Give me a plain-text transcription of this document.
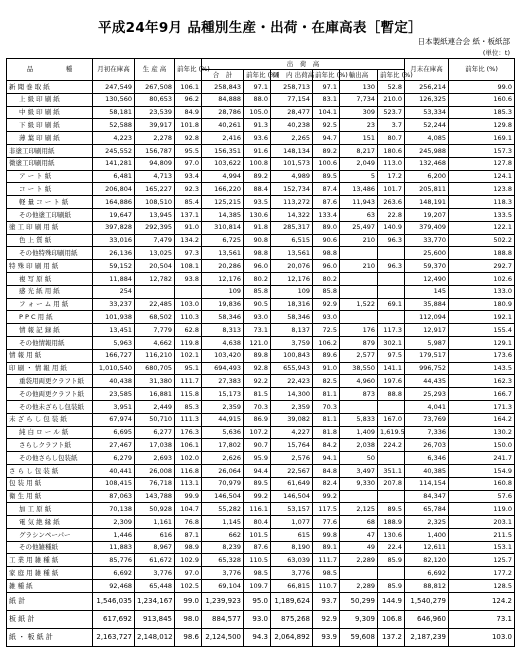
平成24年9月 品種別生産・出荷・在庫高表［暫定］
日本製紙連合会 紙・板紙部
(単位：t)
品　　　　　種	月初在庫高	生 産 高	前年比 (%)	出　荷　高						月末在庫高	前年比 (%)
				合　計	前年比 (%)	国　内 出荷高	前年比 (%)	輸出高	前年比 (%)		
新 聞 巻 取 紙	247,549	267,508	106.1	258,843	97.1	258,713	97.1	130	52.8	256,214	99.0
上 級 印 刷 紙	130,560	80,653	96.2	84,888	88.0	77,154	83.1	7,734	210.0	126,325	160.6
中 級 印 刷 紙	58,181	23,539	84.9	28,786	105.0	28,477	104.1	309	523.7	53,334	185.3
下 級 印 刷 紙	52,588	39,917	101.8	40,261	91.3	40,238	92.5	23	3.7	52,244	129.8
薄 葉 印 刷 紙	4,223	2,278	92.8	2,416	93.6	2,265	94.7	151	80.7	4,085	169.1
非塗工印刷用紙	245,552	156,787	95.5	156,351	91.6	148,134	89.2	8,217	180.6	245,988	157.3
微塗工印刷用紙	141,281	94,809	97.0	103,622	100.8	101,573	100.6	2,049	113.0	132,468	127.8
ア ー ト 紙	6,481	4,713	93.4	4,994	89.2	4,989	89.5	5	17.2	6,200	124.1
コ ー ト 紙	206,804	165,227	92.3	166,220	88.4	152,734	87.4	13,486	101.7	205,811	123.8
軽 量 コ ー ト 紙	164,886	108,510	85.4	125,215	93.5	113,272	87.6	11,943	263.6	148,191	118.3
その他塗工印刷紙	19,647	13,945	137.1	14,385	130.6	14,322	133.4	63	22.8	19,207	133.5
塗 工 印 刷 用 紙	397,828	292,395	91.0	310,814	91.8	285,317	89.0	25,497	140.9	379,409	122.1
色 上 質 紙	33,016	7,479	134.2	6,725	90.8	6,515	90.6	210	96.3	33,770	502.2
その他特殊印刷用紙	26,136	13,025	97.3	13,561	98.8	13,561	98.8			25,600	188.8
特 殊 印 刷 用 紙	59,152	20,504	108.1	20,286	96.0	20,076	96.0	210	96.3	59,370	292.7
複 写 原 紙	11,884	12,782	93.8	12,176	80.2	12,176	80.2			12,490	102.6
感 光 紙 用 紙	254			109	85.8	109	85.8			145	133.0
フ ォ ー ム 用 紙	33,237	22,485	103.0	19,836	90.5	18,316	92.9	1,522	69.1	35,884	180.9
P P C 用 紙	101,938	68,502	110.3	58,346	93.0	58,346	93.0			112,094	192.1
情 報 記 録 紙	13,451	7,779	62.8	8,313	73.1	8,137	72.5	176	117.3	12,917	155.4
その他情報用紙	5,963	4,662	119.8	4,638	121.0	3,759	106.2	879	302.1	5,987	129.1
情 報 用 紙	166,727	116,210	102.1	103,420	89.8	100,843	89.6	2,577	97.5	179,517	173.6
印 刷 ・ 情 報 用 紙	1,010,540	680,705	95.1	694,493	92.8	655,943	91.0	38,550	141.1	996,752	143.5
重袋用両更クラフト紙	40,438	31,380	111.7	27,383	92.2	22,423	82.5	4,960	197.6	44,435	162.3
その他両更クラフト紙	23,585	16,881	115.8	15,173	81.5	14,300	81.1	873	88.8	25,293	166.7
その他未ざらし包装紙	3,951	2,449	85.3	2,359	70.3	2,359	70.3			4,041	171.3
未 ざ ら し 包 装 紙	67,974	50,710	111.3	44,915	86.9	39,082	81.1	5,833	167.0	73,769	164.2
純 白 ロ ー ル 紙	6,695	6,277	176.3	5,636	107.2	4,227	81.8	1,409	1,619.5	7,336	130.2
さらしクラフト紙	27,467	17,038	106.1	17,802	90.7	15,764	84.2	2,038	224.2	26,703	150.0
その他さらし包装紙	6,279	2,693	102.0	2,626	95.9	2,576	94.1	50		6,346	241.7
さ ら し 包 装 紙	40,441	26,008	116.8	26,064	94.4	22,567	84.8	3,497	351.1	40,385	154.9
包 装 用 紙	108,415	76,718	113.1	70,979	89.5	61,649	82.4	9,330	207.8	114,154	160.8
衛 生 用 紙	87,063	143,788	99.9	146,504	99.2	146,504	99.2			84,347	57.6
加 工 原 紙	70,138	50,928	104.7	55,282	116.1	53,157	117.5	2,125	89.5	65,784	119.0
電 気 絶 縁 紙	2,309	1,161	76.8	1,145	80.4	1,077	77.6	68	188.9	2,325	203.1
グラシンペーパー	1,446	616	87.1	662	101.5	615	99.8	47	130.6	1,400	211.5
その他雑種紙	11,883	8,967	98.9	8,239	87.6	8,190	89.1	49	22.4	12,611	153.1
工 業 用 雑 種 紙	85,776	61,672	102.9	65,328	110.5	63,039	111.7	2,289	85.9	82,120	125.7
家 庭 用 雑 種 紙	6,692	3,776	97.0	3,776	98.5	3,776	98.5			6,692	177.2
雑 種 紙	92,468	65,448	102.5	69,104	109.7	66,815	110.7	2,289	85.9	88,812	128.5
紙 計	1,546,035	1,234,167	99.0	1,239,923	95.0	1,189,624	93.7	50,299	144.9	1,540,279	124.2
板 紙 計	617,692	913,845	98.0	884,577	93.0	875,268	92.9	9,309	106.8	646,960	73.1
紙 ・ 板 紙 計	2,163,727	2,148,012	98.6	2,124,500	94.3	2,064,892	93.9	59,608	137.2	2,187,239	103.0
